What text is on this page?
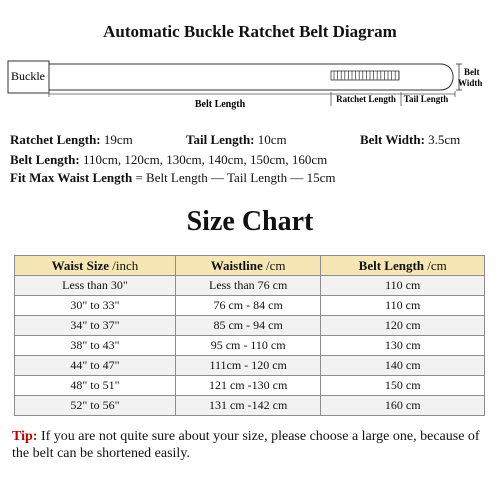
Automatic Buckle Ratchet Belt Diagram
Buckle	Belt
Width
Belt Length	Ratchet Length Tail Length
Ratchet Length: 19cm	Tail Length: 10cm	Belt Width: 3.5cm
Belt Length: 110cm, 120cm, 130cm, 140cm, 150cm, 160cm
Fit Max Waist Length = Belt Length — Tail Length — 15cm
Size Chart
Waist Size /inch	Waistline /cm	Belt Length /cm
Less than 30"	Less than 76 cm	110 cm
30" to 33"	76 cm - 84 cm	110 cm
34" to 37"	85 cm - 94 cm	120 cm
38" to 43"	95 cm - 110 cm	130 cm
44" to 47"	111cm - 120 cm	140 cm
48" to 51"	121 cm -130 cm	150 cm
52" to 56"	131 cm -142 cm	160 cm
Tip: If you are not quite sure about your size, please choose a large one, because of the belt can be shortened easily.
